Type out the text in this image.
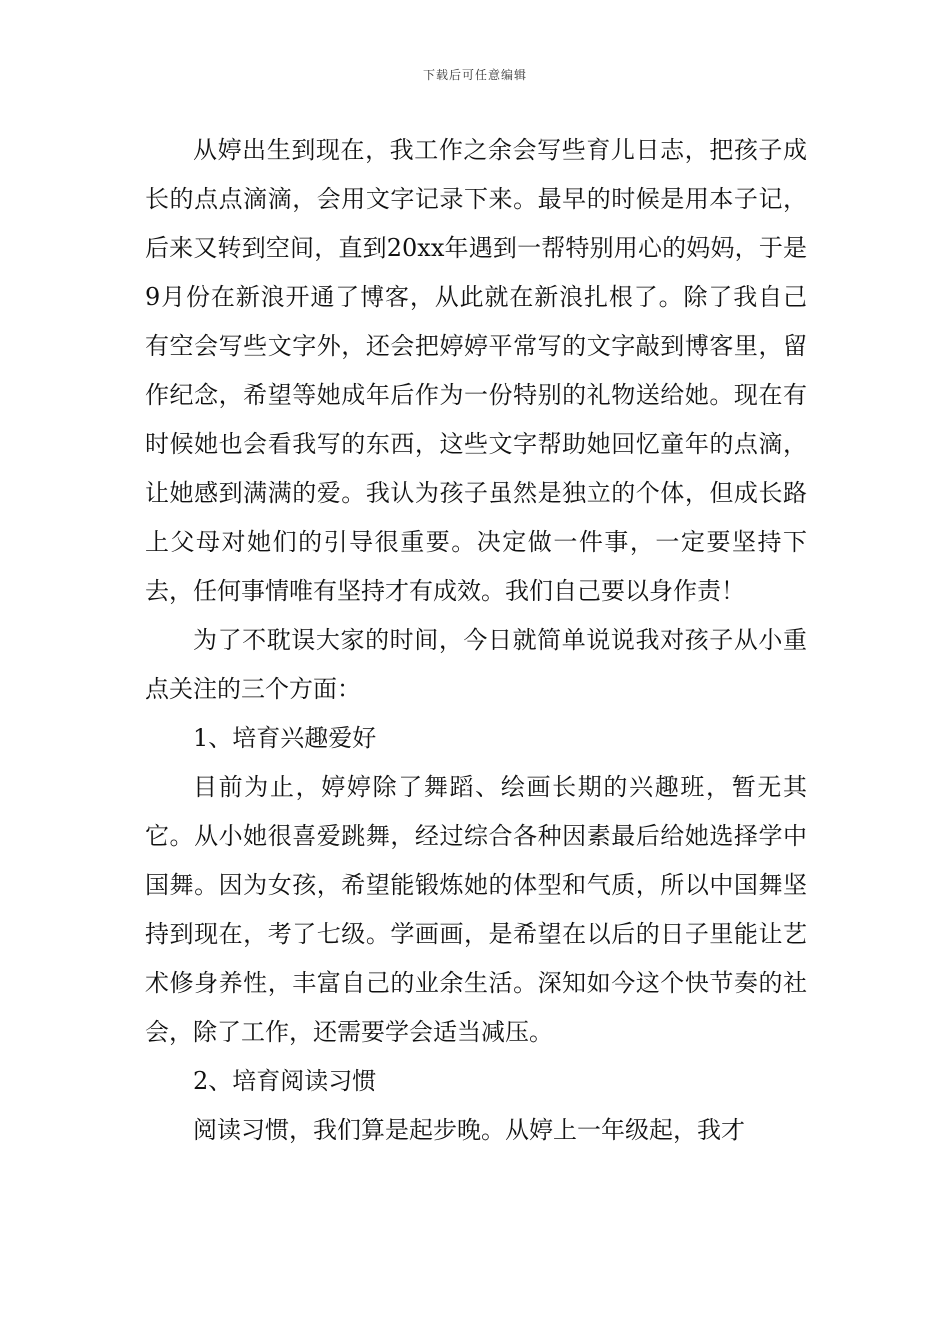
下载后可任意编辑

从婷出生到现在，我工作之余会写些育儿日志，把孩子成长的点点滴滴，会用文字记录下来。最早的时候是用本子记，后来又转到空间，直到20xx年遇到一帮特别用心的妈妈，于是9月份在新浪开通了博客，从此就在新浪扎根了。除了我自己有空会写些文字外，还会把婷婷平常写的文字敲到博客里，留作纪念，希望等她成年后作为一份特别的礼物送给她。现在有时候她也会看我写的东西，这些文字帮助她回忆童年的点滴，让她感到满满的爱。我认为孩子虽然是独立的个体，但成长路上父母对她们的引导很重要。决定做一件事，一定要坚持下去，任何事情唯有坚持才有成效。我们自己要以身作责！

为了不耽误大家的时间，今日就简单说说我对孩子从小重点关注的三个方面：

1、培育兴趣爱好

目前为止，婷婷除了舞蹈、绘画长期的兴趣班，暂无其它。从小她很喜爱跳舞，经过综合各种因素最后给她选择学中国舞。因为女孩，希望能锻炼她的体型和气质，所以中国舞坚持到现在，考了七级。学画画，是希望在以后的日子里能让艺术修身养性，丰富自己的业余生活。深知如今这个快节奏的社会，除了工作，还需要学会适当减压。

2、培育阅读习惯

阅读习惯，我们算是起步晚。从婷上一年级起，我才
